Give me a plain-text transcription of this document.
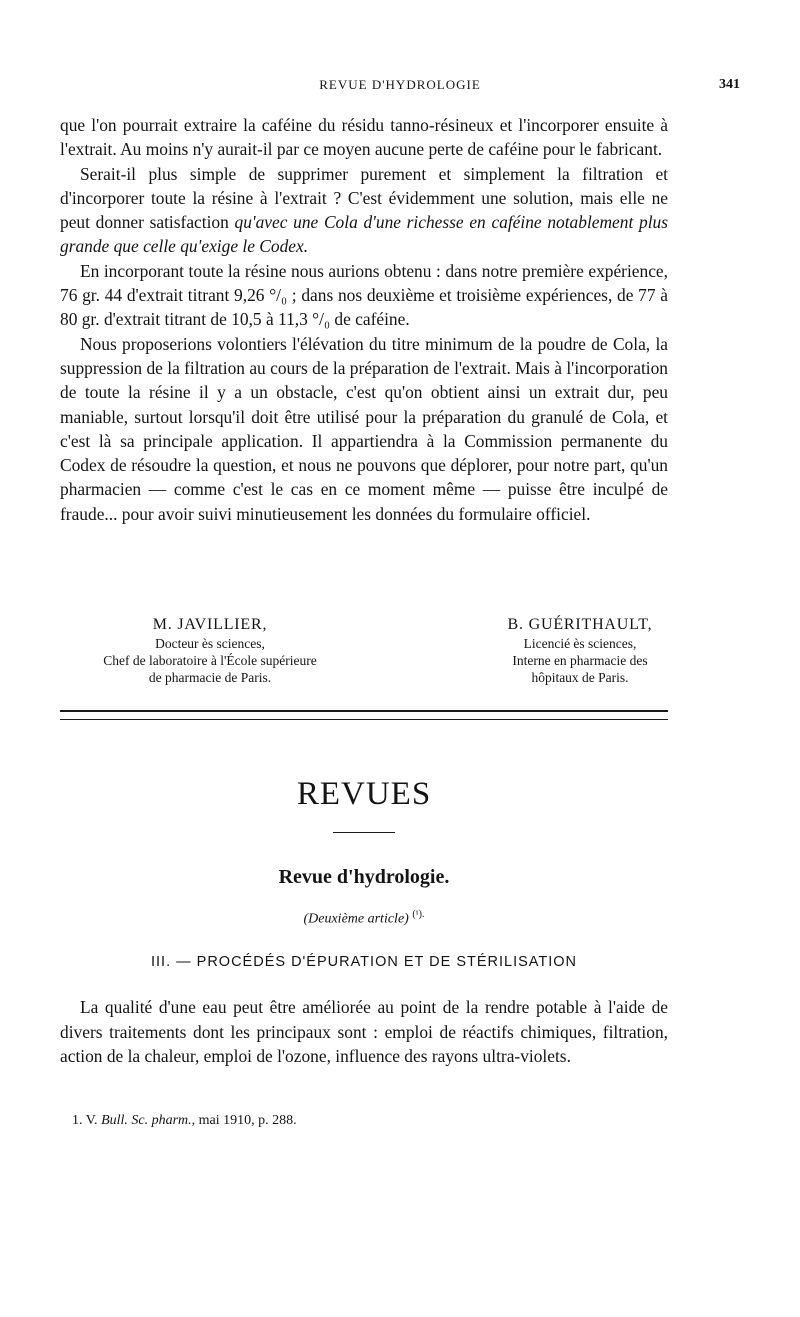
REVUE D'HYDROLOGIE	341

que l'on pourrait extraire la caféine du résidu tanno-résineux et l'incorporer ensuite à l'extrait. Au moins n'y aurait-il par ce moyen aucune perte de caféine pour le fabricant.

Serait-il plus simple de supprimer purement et simplement la filtration et d'incorporer toute la résine à l'extrait ? C'est évidemment une solution, mais elle ne peut donner satisfaction qu'avec une Cola d'une richesse en caféine notablement plus grande que celle qu'exige le Codex.

En incorporant toute la résine nous aurions obtenu : dans notre première expérience, 76 gr. 44 d'extrait titrant 9,26 °/₀ ; dans nos deuxième et troisième expériences, de 77 à 80 gr. d'extrait titrant de 10,5 à 11,3 °/₀ de caféine.

Nous proposerions volontiers l'élévation du titre minimum de la poudre de Cola, la suppression de la filtration au cours de la préparation de l'extrait. Mais à l'incorporation de toute la résine il y a un obstacle, c'est qu'on obtient ainsi un extrait dur, peu maniable, surtout lorsqu'il doit être utilisé pour la préparation du granulé de Cola, et c'est là sa principale application. Il appartiendra à la Commission permanente du Codex de résoudre la question, et nous ne pouvons que déplorer, pour notre part, qu'un pharmacien — comme c'est le cas en ce moment même — puisse être inculpé de fraude... pour avoir suivi minutieusement les données du formulaire officiel.

M. JAVILLIER,
Docteur ès sciences,
Chef de laboratoire à l'École supérieure
de pharmacie de Paris.
B. GUÉRITHAULT,
Licencié ès sciences,
Interne en pharmacie des
hôpitaux de Paris.
REVUES
Revue d'hydrologie.
(Deuxième article) $^{(^1).}$
III. — PROCÉDÉS D'ÉPURATION ET DE STÉRILISATION

La qualité d'une eau peut être améliorée au point de la rendre potable à l'aide de divers traitements dont les principaux sont : emploi de réactifs chimiques, filtration, action de la chaleur, emploi de l'ozone, influence des rayons ultra-violets.

1. V. Bull. Sc. pharm., mai 1910, p. 288.
